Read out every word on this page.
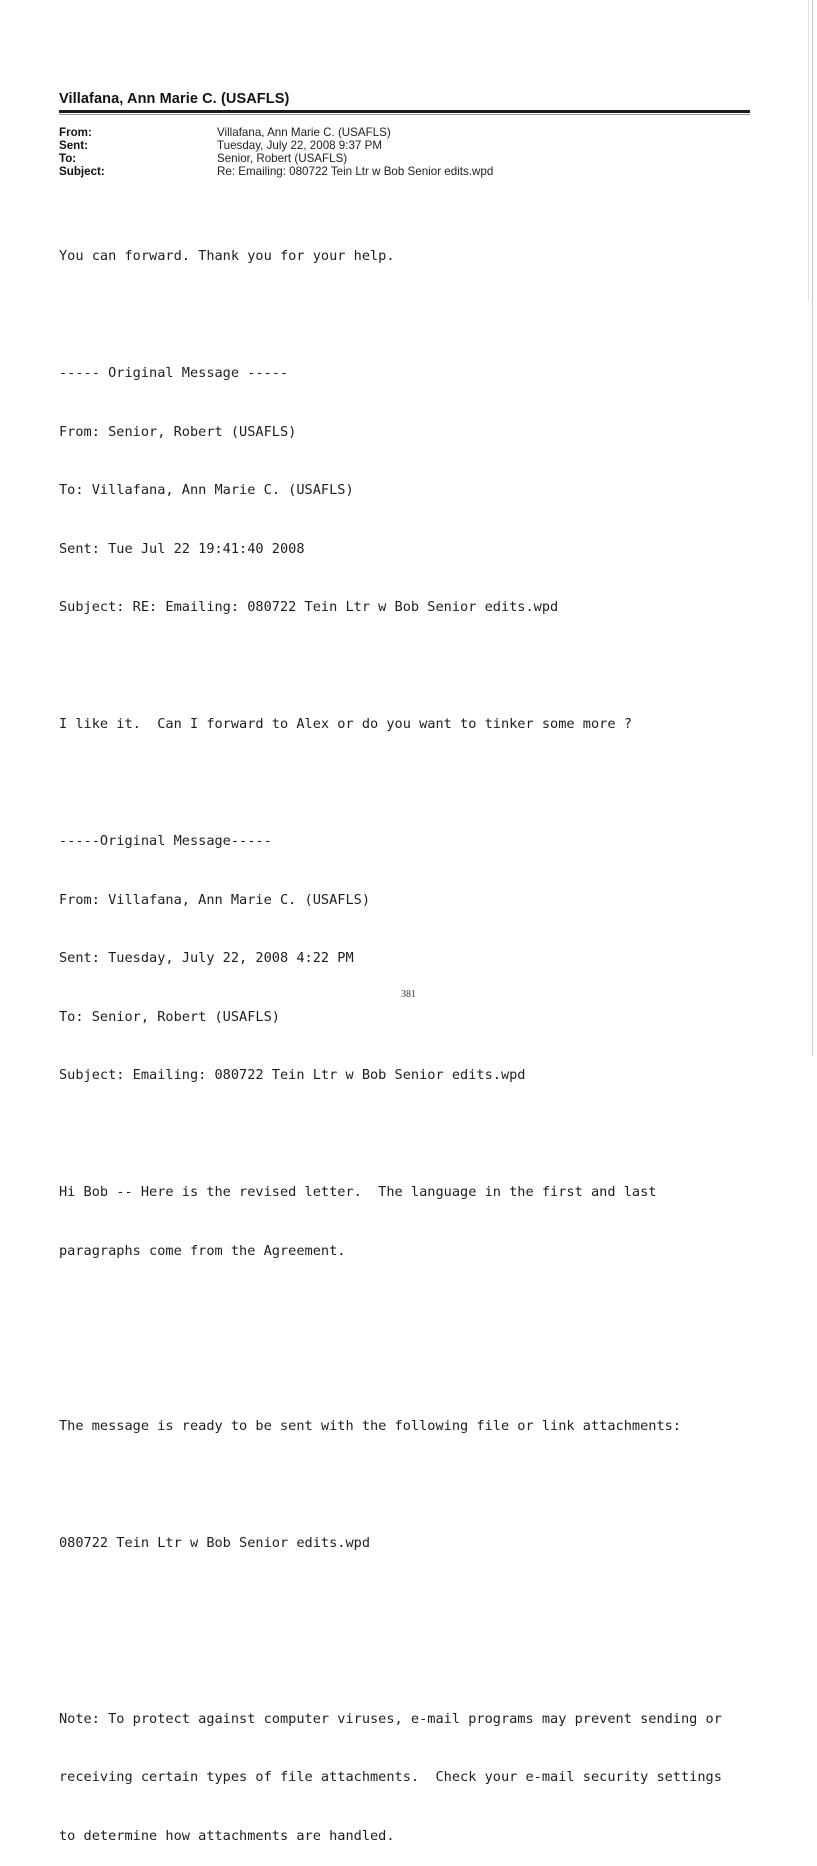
Villafana, Ann Marie C. (USAFLS)
From:	Villafana, Ann Marie C. (USAFLS)
Sent:	Tuesday, July 22, 2008 9:37 PM
To:	Senior, Robert (USAFLS)
Subject:	Re: Emailing: 080722 Tein Ltr w Bob Senior edits.wpd

You can forward. Thank you for your help.

----- Original Message -----

From: Senior, Robert (USAFLS)

To: Villafana, Ann Marie C. (USAFLS)

Sent: Tue Jul 22 19:41:40 2008

Subject: RE: Emailing: 080722 Tein Ltr w Bob Senior edits.wpd

I like it.  Can I forward to Alex or do you want to tinker some more ?

-----Original Message-----

From: Villafana, Ann Marie C. (USAFLS)

Sent: Tuesday, July 22, 2008 4:22 PM

To: Senior, Robert (USAFLS)

Subject: Emailing: 080722 Tein Ltr w Bob Senior edits.wpd

Hi Bob -- Here is the revised letter.  The language in the first and last

paragraphs come from the Agreement.

The message is ready to be sent with the following file or link attachments:

080722 Tein Ltr w Bob Senior edits.wpd

Note: To protect against computer viruses, e-mail programs may prevent sending or

receiving certain types of file attachments.  Check your e-mail security settings

to determine how attachments are handled.

381
